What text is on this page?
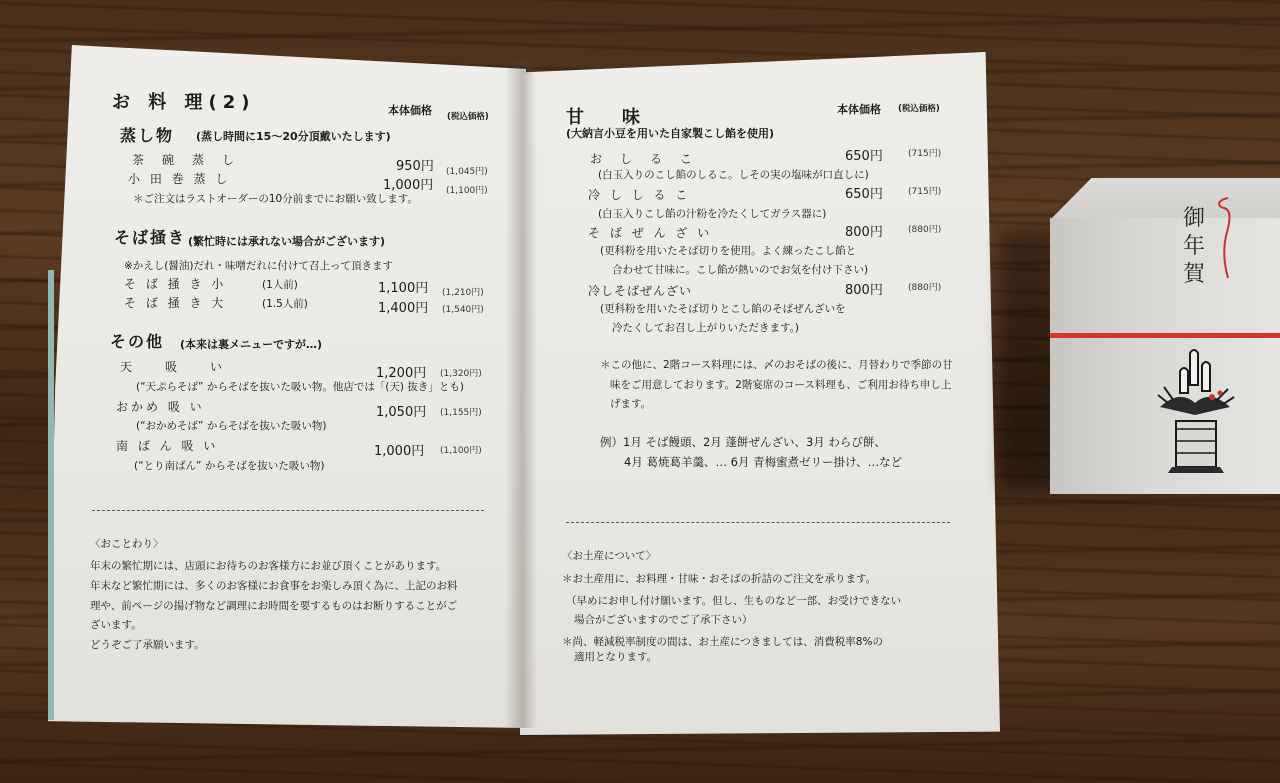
お 料 理(2)	本体価格 (税込価格)
蒸し物 (蒸し時間に15〜20分頂戴いたします)
茶　碗　蒸　し	950円 (1,045円)
小 田 巻 蒸 し	1,000円 (1,100円)
＊ご注文はラストオーダーの10分前までにお願い致します。
そば掻き (繁忙時には承れない場合がございます)
※かえし(醤油)だれ・味噌だれに付けて召上って頂きます
そ ば 掻 き 小	(1人前)	1,100円 (1,210円)
そ ば 掻 き 大	(1.5人前)	1,400円 (1,540円)
その他 (本来は裏メニューですが…)
天　　吸　　い	1,200円 (1,320円)
(“天ぷらそば” からそばを抜いた吸い物。他店では「(天) 抜き」とも)
おかめ 吸 い	1,050円 (1,155円)
(“おかめそば” からそばを抜いた吸い物)
南 ば ん 吸 い	1,000円 (1,100円)
(“とり南ばん” からそばを抜いた吸い物)
〈おことわり〉
年末の繁忙期には、店頭にお待ちのお客様方にお並び頂くことがあります。
年末など繁忙期には、多くのお客様にお食事をお楽しみ頂く為に、上記のお料
理や、前ページの揚げ物など調理にお時間を要するものはお断りすることがご
ざいます。
どうぞご了承願います。
甘　味	本体価格 (税込価格)
(大納言小豆を用いた自家製こし餡を使用)
お　し　る　こ	650円	(715円)
(白玉入りのこし餡のしるこ。しその実の塩味が口直しに)
冷 し し る こ	650円	(715円)
(白玉入りこし餡の汁粉を冷たくしてガラス器に)
そ ば ぜ ん ざ い	800円	(880円)
(更科粉を用いたそば切りを使用。よく練ったこし餡と
合わせて甘味に。こし餡が熱いのでお気を付け下さい)
冷しそばぜんざい	800円	(880円)
(更科粉を用いたそば切りとこし餡のそばぜんざいを
冷たくしてお召し上がりいただきます。)
＊この他に、2階コース料理には、〆のおそばの後に、月替わりで季節の甘
味をご用意しております。2階宴席のコース料理も、ご利用お待ち申し上
げます。
例）1月 そば饅頭、2月 蓬餅ぜんざい、3月 わらび餅、
4月 葛焼葛羊羹、… 6月 青梅蜜煮ゼリー掛け、…など
〈お土産について〉
＊お土産用に、お料理・甘味・おそばの折詰のご注文を承ります。
（早めにお申し付け願います。但し、生ものなど一部、お受けできない
場合がございますのでご了承下さい）
＊尚、軽減税率制度の間は、お土産につきましては、消費税率8%の
適用となります。
御年賀
